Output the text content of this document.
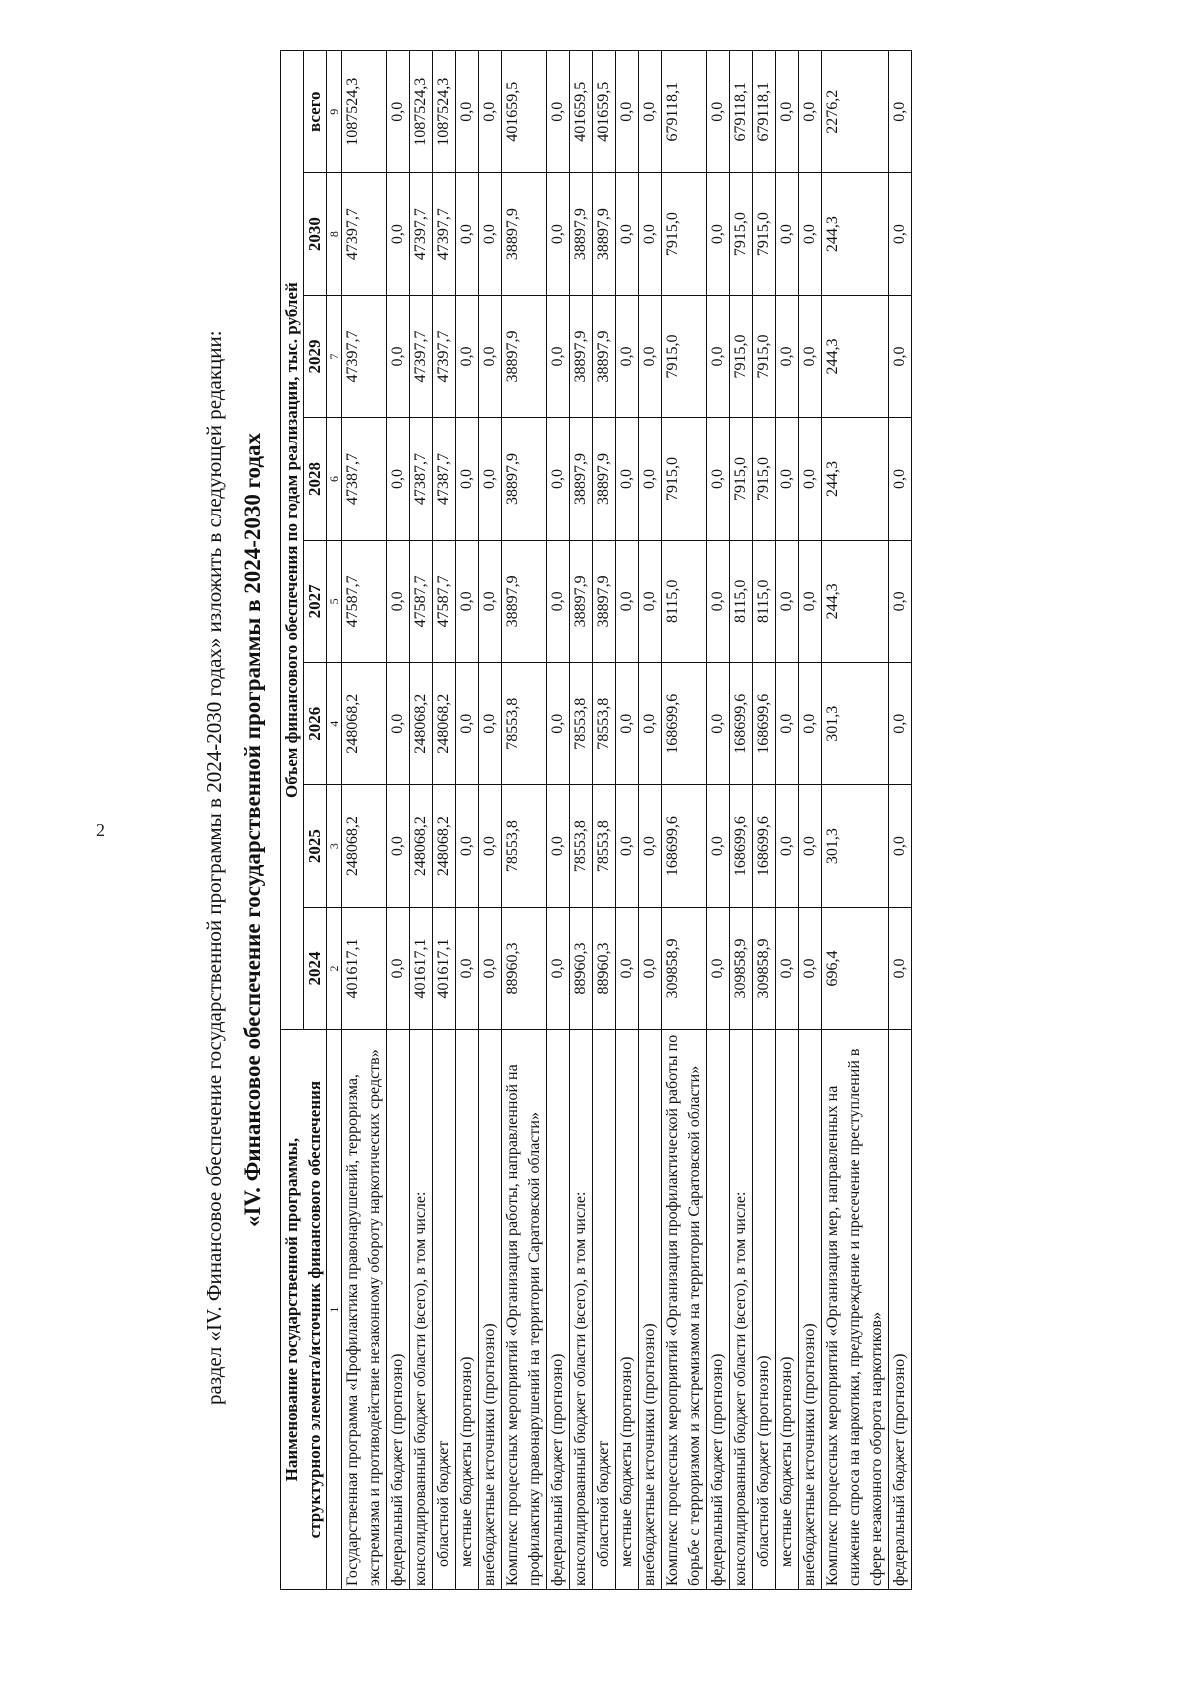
2	раздел «IV. Финансовое обеспечение государственной программы в 2024-2030 годах» изложить в следующей редакции: «IV. Финансовое обеспечение государственной программы в 2024-2030 годах
Наименование государственной программы,	Объем финансового обеспечения по годам реализации, тыс. рублей							
структурного элемента/источник финансового обеспечения	2024	2025	2026	2027	2028	2029	2030	всего
1	2	3	4	5	6	7	8	9
Государственная программа «Профилактика правонарушений, терроризма, экстремизма и противодействие незаконному обороту наркотических средств»	401617,1	248068,2	248068,2	47587,7	47387,7	47397,7	47397,7	1087524,3
федеральный бюджет (прогнозно)	0,0	0,0	0,0	0,0	0,0	0,0	0,0	0,0
консолидированный бюджет области (всего), в том числе:	401617,1	248068,2	248068,2	47587,7	47387,7	47397,7	47397,7	1087524,3
областной бюджет	401617,1	248068,2	248068,2	47587,7	47387,7	47397,7	47397,7	1087524,3
местные бюджеты (прогнозно)	0,0	0,0	0,0	0,0	0,0	0,0	0,0	0,0
внебюджетные источники (прогнозно)	0,0	0,0	0,0	0,0	0,0	0,0	0,0	0,0
Комплекс процессных мероприятий «Организация работы, направленной на профилактику правонарушений на территории Саратовской области»	88960,3	78553,8	78553,8	38897,9	38897,9	38897,9	38897,9	401659,5
федеральный бюджет (прогнозно)	0,0	0,0	0,0	0,0	0,0	0,0	0,0	0,0
консолидированный бюджет области (всего), в том числе:	88960,3	78553,8	78553,8	38897,9	38897,9	38897,9	38897,9	401659,5
областной бюджет	88960,3	78553,8	78553,8	38897,9	38897,9	38897,9	38897,9	401659,5
местные бюджеты (прогнозно)	0,0	0,0	0,0	0,0	0,0	0,0	0,0	0,0
внебюджетные источники (прогнозно)	0,0	0,0	0,0	0,0	0,0	0,0	0,0	0,0
Комплекс процессных мероприятий «Организация профилактической работы по борьбе с терроризмом и экстремизмом на территории Саратовской области»	309858,9	168699,6	168699,6	8115,0	7915,0	7915,0	7915,0	679118,1
федеральный бюджет (прогнозно)	0,0	0,0	0,0	0,0	0,0	0,0	0,0	0,0
консолидированный бюджет области (всего), в том числе:	309858,9	168699,6	168699,6	8115,0	7915,0	7915,0	7915,0	679118,1
областной бюджет (прогнозно)	309858,9	168699,6	168699,6	8115,0	7915,0	7915,0	7915,0	679118,1
местные бюджеты (прогнозно)	0,0	0,0	0,0	0,0	0,0	0,0	0,0	0,0
внебюджетные источники (прогнозно)	0,0	0,0	0,0	0,0	0,0	0,0	0,0	0,0
Комплекс процессных мероприятий «Организация мер, направленных на снижение спроса на наркотики, предупреждение и пресечение преступлений в сфере незаконного оборота наркотиков»	696,4	301,3	301,3	244,3	244,3	244,3	244,3	2276,2
федеральный бюджет (прогнозно)	0,0	0,0	0,0	0,0	0,0	0,0	0,0	0,0
